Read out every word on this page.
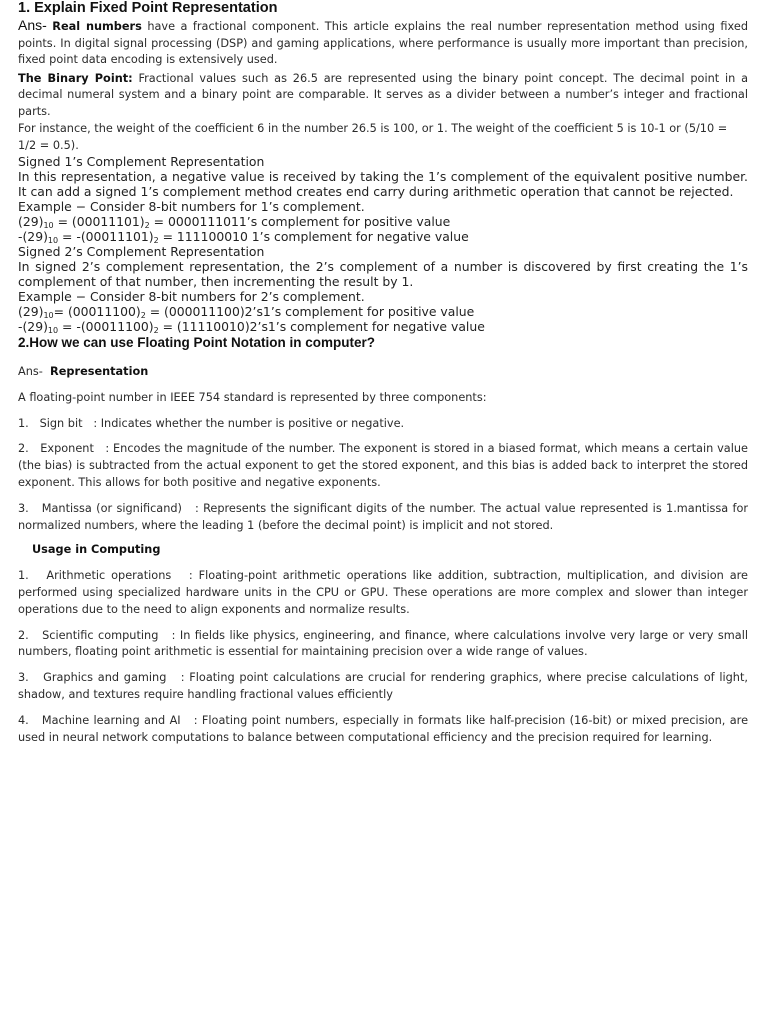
1. Explain Fixed Point Representation

Ans- Real numbers have a fractional component. This article explains the real number representation method using fixed points. In digital signal processing (DSP) and gaming applications, where performance is usually more important than precision, fixed point data encoding is extensively used.

The Binary Point: Fractional values such as 26.5 are represented using the binary point concept. The decimal point in a decimal numeral system and a binary point are comparable. It serves as a divider between a number’s integer and fractional parts.

For instance, the weight of the coefficient 6 in the number 26.5 is 100, or 1. The weight of the coefficient 5 is 10-1 or (5/10 = 1/2 = 0.5).

Signed 1’s Complement Representation

In this representation, a negative value is received by taking the 1’s complement of the equivalent positive number. It can add a signed 1’s complement method creates end carry during arithmetic operation that cannot be rejected.

Example − Consider 8-bit numbers for 1’s complement.

$(29)_{10} = (00011101)_2$ = 0000111011’s complement for positive value

$-(29)_{10} = -(00011101)_2 = 111100010$ 1’s complement for negative value

Signed 2’s Complement Representation

In signed 2’s complement representation, the 2’s complement of a number is discovered by first creating the 1’s complement of that number, then incrementing the result by 1.

Example − Consider 8-bit numbers for 2’s complement.

$(29)_{10}= (00011100)_2$ = (000011100)2’s1’s complement for positive value

$-(29)_{10} = -(00011100)_2$ = (11110010)2’s1’s complement for negative value

2.How we can use Floating Point Notation in computer?

Ans- Representation

A floating-point number in IEEE 754 standard is represented by three components:

1. Sign bit : Indicates whether the number is positive or negative.

2. Exponent : Encodes the magnitude of the number. The exponent is stored in a biased format, which means a certain value (the bias) is subtracted from the actual exponent to get the stored exponent, and this bias is added back to interpret the stored exponent. This allows for both positive and negative exponents.

3. Mantissa (or significand) : Represents the significant digits of the number. The actual value represented is 1.mantissa for normalized numbers, where the leading 1 (before the decimal point) is implicit and not stored.

Usage in Computing

1. Arithmetic operations : Floating-point arithmetic operations like addition, subtraction, multiplication, and division are performed using specialized hardware units in the CPU or GPU. These operations are more complex and slower than integer operations due to the need to align exponents and normalize results.

2. Scientific computing : In fields like physics, engineering, and finance, where calculations involve very large or very small numbers, floating point arithmetic is essential for maintaining precision over a wide range of values.

3. Graphics and gaming : Floating point calculations are crucial for rendering graphics, where precise calculations of light, shadow, and textures require handling fractional values efficiently

4. Machine learning and AI : Floating point numbers, especially in formats like half-precision (16-bit) or mixed precision, are used in neural network computations to balance between computational efficiency and the precision required for learning.
